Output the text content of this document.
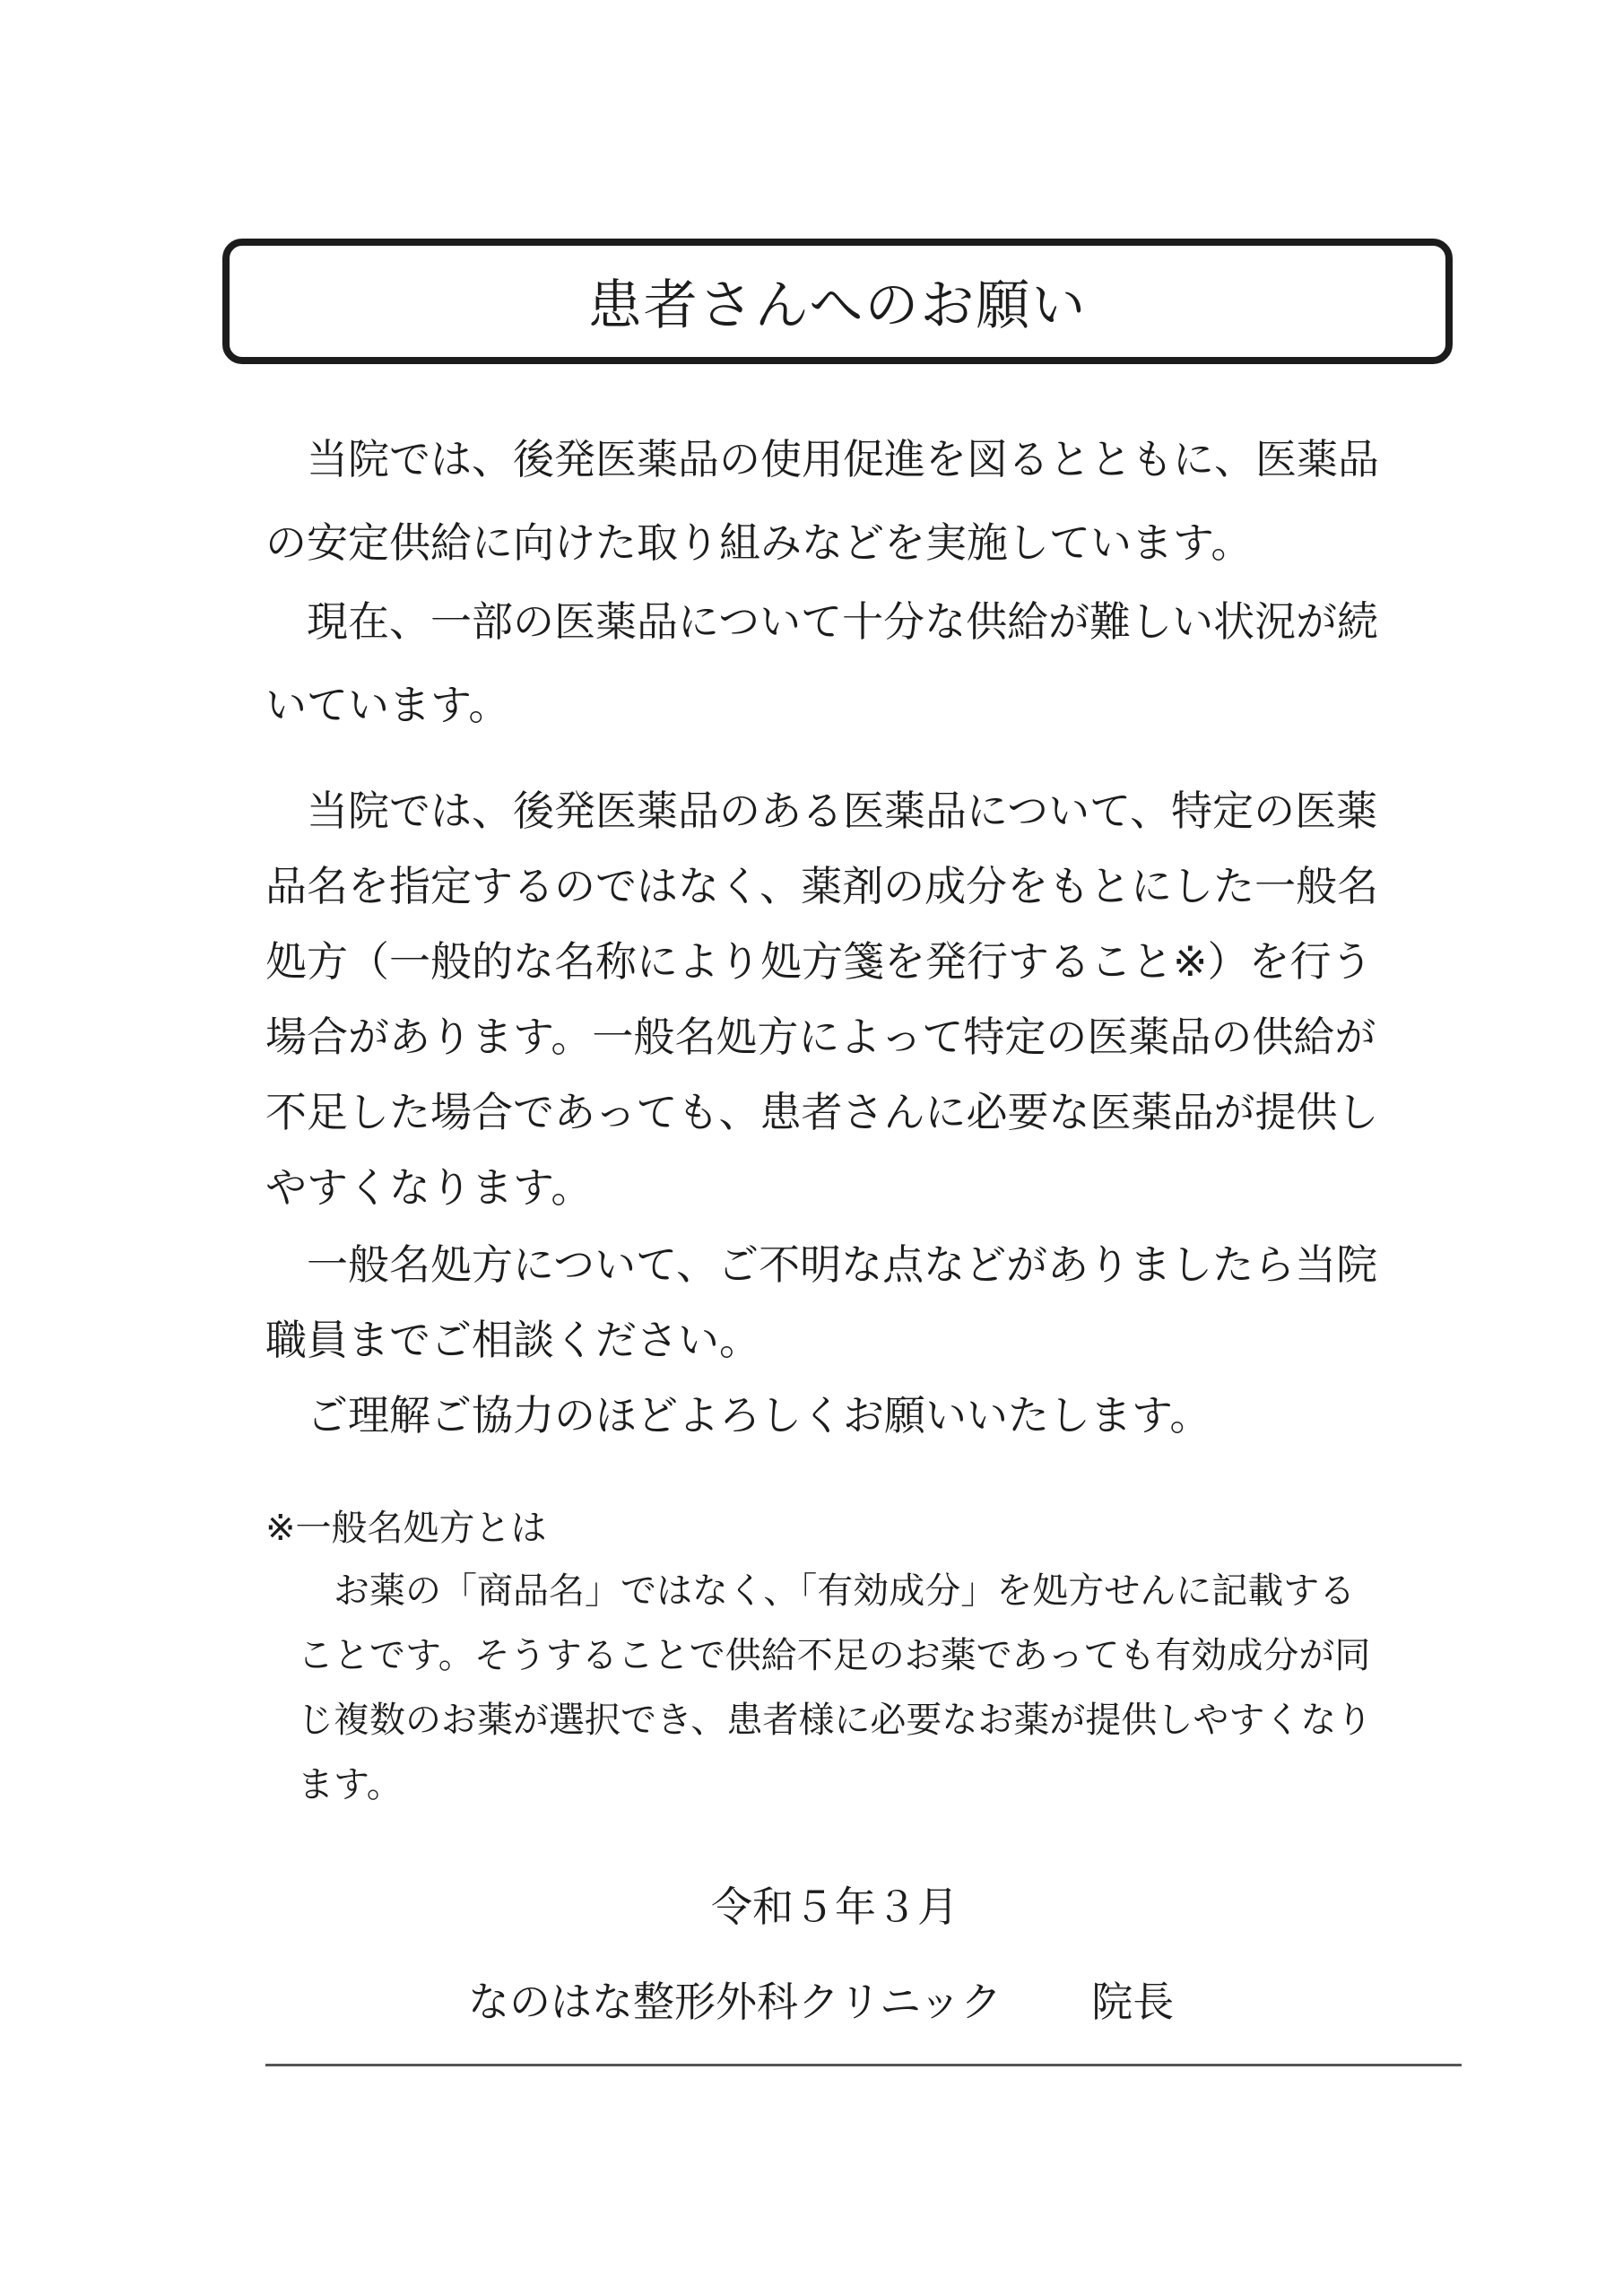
患者さんへのお願い

当院では、後発医薬品の使用促進を図るとともに、医薬品
の安定供給に向けた取り組みなどを実施しています。

現在、一部の医薬品について十分な供給が難しい状況が続
いています。

当院では、後発医薬品のある医薬品について、特定の医薬
品名を指定するのではなく、薬剤の成分をもとにした一般名
処方（一般的な名称により処方箋を発行すること※）を行う
場合があります。一般名処方によって特定の医薬品の供給が
不足した場合であっても、患者さんに必要な医薬品が提供し
やすくなります。

一般名処方について、ご不明な点などがありましたら当院
職員までご相談ください。

ご理解ご協力のほどよろしくお願いいたします。

※一般名処方とは

お薬の「商品名」ではなく、「有効成分」を処方せんに記載する
ことです。そうすることで供給不足のお薬であっても有効成分が同
じ複数のお薬が選択でき、患者様に必要なお薬が提供しやすくなり
ます。

令和５年３月

なのはな整形外科クリニック 院長
